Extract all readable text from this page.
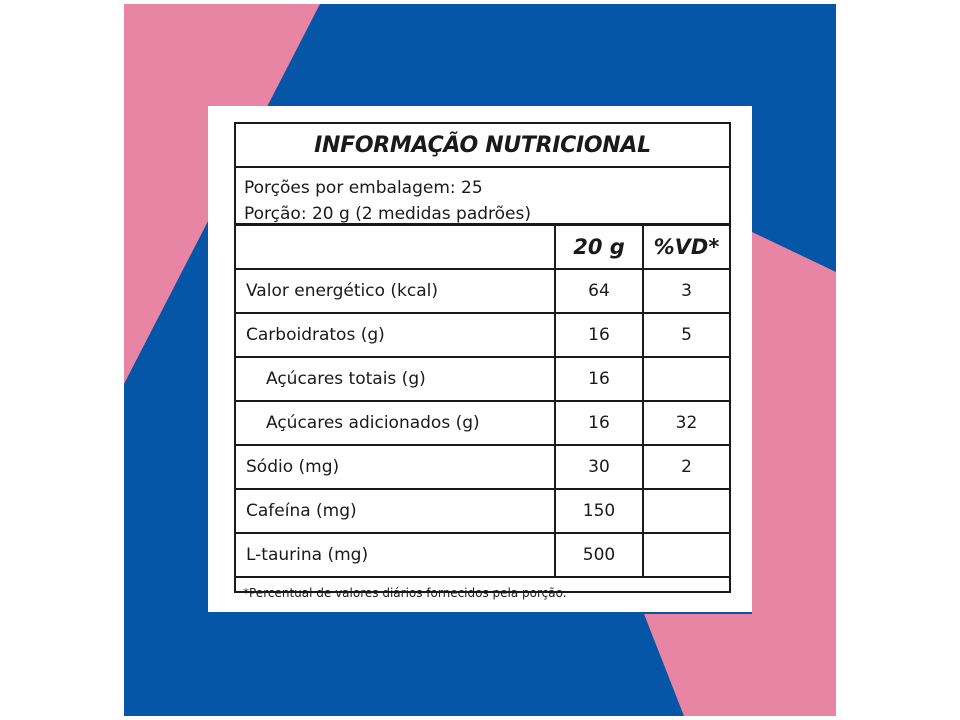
INFORMAÇÃO NUTRICIONAL
Porções por embalagem: 25
Porção: 20 g (2 medidas padrões)
20 g	%VD*
Valor energético (kcal)	64	3
Carboidratos (g)	16	5
Açúcares totais (g)	16
Açúcares adicionados (g)	16	32
Sódio (mg)	30	2
Cafeína (mg)	150
L-taurina (mg)	500
*Percentual de valores diários fornecidos pela porção.
